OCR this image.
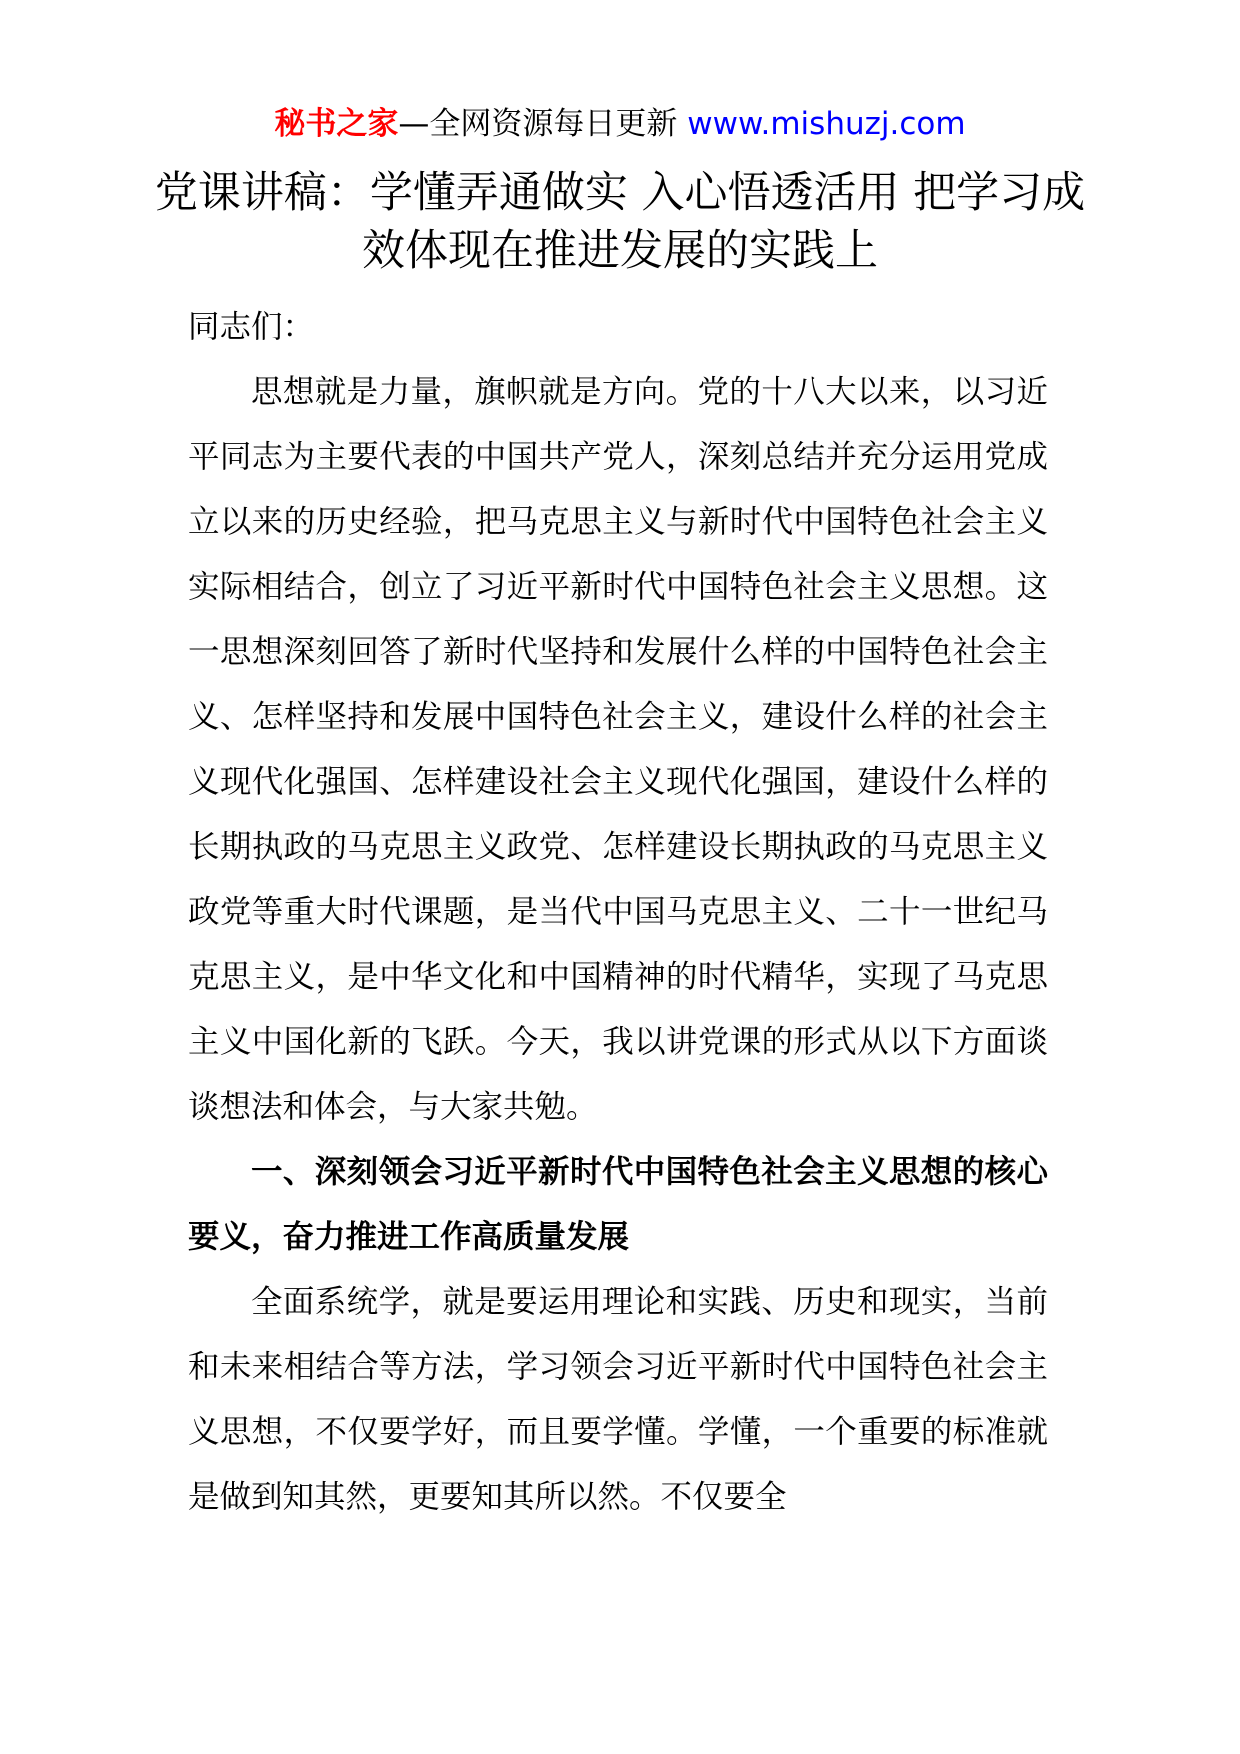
秘书之家—全网资源每日更新 www.mishuzj.com
党课讲稿：学懂弄通做实 入心悟透活用 把学习成效体现在推进发展的实践上

同志们：

思想就是力量，旗帜就是方向。党的十八大以来，以习近平同志为主要代表的中国共产党人，深刻总结并充分运用党成立以来的历史经验，把马克思主义与新时代中国特色社会主义实际相结合，创立了习近平新时代中国特色社会主义思想。这一思想深刻回答了新时代坚持和发展什么样的中国特色社会主义、怎样坚持和发展中国特色社会主义，建设什么样的社会主义现代化强国、怎样建设社会主义现代化强国，建设什么样的长期执政的马克思主义政党、怎样建设长期执政的马克思主义政党等重大时代课题，是当代中国马克思主义、二十一世纪马克思主义，是中华文化和中国精神的时代精华，实现了马克思主义中国化新的飞跃。今天，我以讲党课的形式从以下方面谈谈想法和体会，与大家共勉。

一、深刻领会习近平新时代中国特色社会主义思想的核心要义，奋力推进工作高质量发展

全面系统学，就是要运用理论和实践、历史和现实，当前和未来相结合等方法，学习领会习近平新时代中国特色社会主义思想，不仅要学好，而且要学懂。学懂，一个重要的标准就是做到知其然，更要知其所以然。不仅要全
